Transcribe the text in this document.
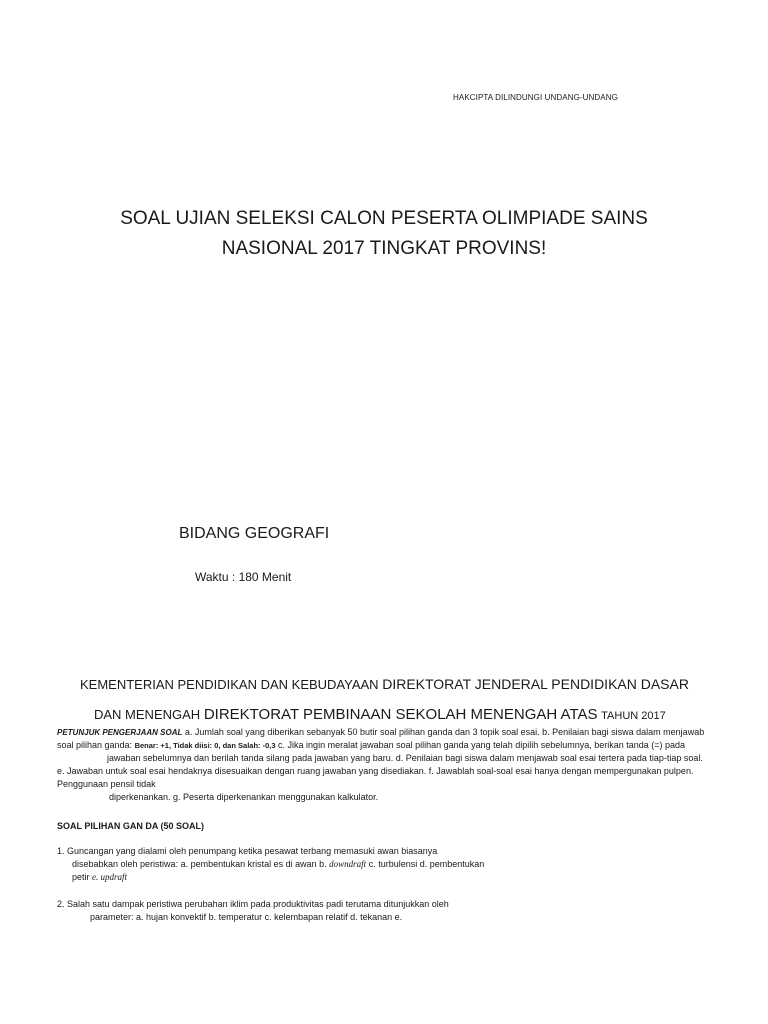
HAKCIPTA DILINDUNGI UNDANG-UNDANG
SOAL UJIAN SELEKSI CALON PESERTA OLIMPIADE SAINS
NASIONAL 2017 TINGKAT PROVINS!
BIDANG GEOGRAFI
Waktu : 180 Menit
KEMENTERIAN PENDIDIKAN DAN KEBUDAYAAN DIREKTORAT JENDERAL PENDIDIKAN DASAR
DAN MENENGAH DIREKTORAT PEMBINAAN SEKOLAH MENENGAH ATAS TAHUN 2017
PETUNJUK PENGERJAAN SOAL a. Jumlah soal yang diberikan sebanyak 50 butir soal pilihan ganda dan 3 topik soal esai. b. Penilaian bagi siswa dalam menjawab soal pilihan ganda: Benar: +1, Tidak diisi: 0, dan Salah: -0,3 c. Jika ingin meralat jawaban soal pilihan ganda yang telah dipilih sebelumnya, berikan tanda (=) pada
jawaban sebelumnya dan berilah tanda silang pada jawaban yang baru. d. Penilaian bagi siswa dalam menjawab soal esai tertera pada tiap-tiap soal. e. Jawaban untuk soal esai hendaknya disesuaikan dengan ruang jawaban yang disediakan. f. Jawablah soal-soal esai hanya dengan mempergunakan pulpen. Penggunaan pensil tidak
diperkenankan. g. Peserta diperkenankan menggunakan kalkulator.
SOAL PILIHAN GAN DA (50 SOAL)
1. Guncangan yang dialami oleh penumpang ketika pesawat terbang memasuki awan biasanya
disebabkan oleh peristiwa: a. pembentukan kristal es di awan b. downdraft c. turbulensi d. pembentukan
petir e. updraft
2. Salah satu dampak peristiwa perubahan iklim pada produktivitas padi terutama ditunjukkan oleh
parameter: a. hujan konvektif b. temperatur c. kelembapan relatif d. tekanan e.
